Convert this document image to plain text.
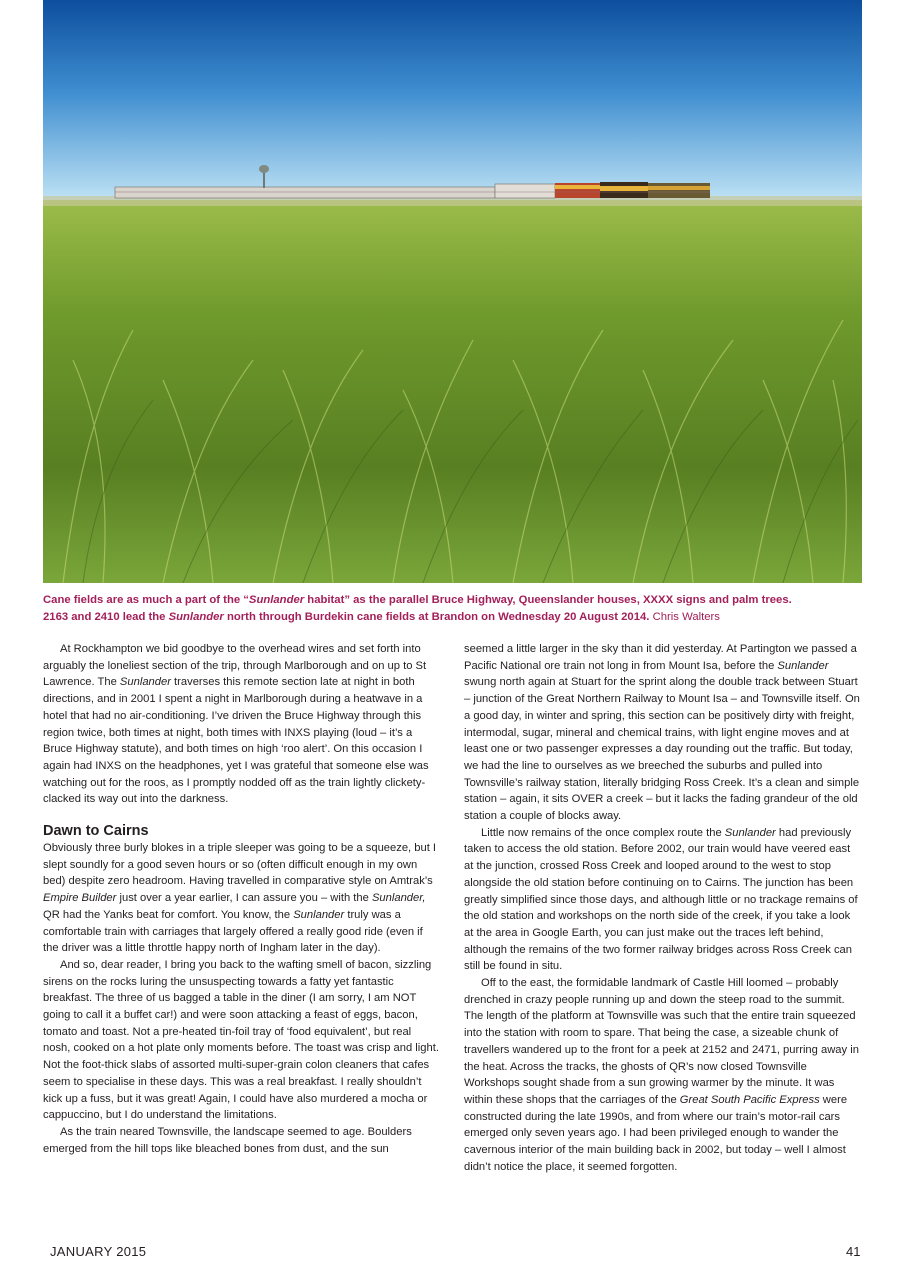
Cane fields are as much a part of the “Sunlander habitat” as the parallel Bruce Highway, Queenslander houses, XXXX signs and palm trees.
2163 and 2410 lead the Sunlander north through Burdekin cane fields at Brandon on Wednesday 20 August 2014. Chris Walters

At Rockhampton we bid goodbye to the overhead wires and set forth into arguably the loneliest section of the trip, through Marlborough and on up to St Lawrence. The Sunlander traverses this remote section late at night in both directions, and in 2001 I spent a night in Marlborough during a heatwave in a hotel that had no air-conditioning. I’ve driven the Bruce Highway through this region twice, both times at night, both times with INXS playing (loud – it’s a Bruce Highway statute), and both times on high ‘roo alert’. On this occasion I again had INXS on the headphones, yet I was grateful that someone else was watching out for the roos, as I promptly nodded off as the train lightly clickety-clacked its way out into the darkness.

Dawn to Cairns

Obviously three burly blokes in a triple sleeper was going to be a squeeze, but I slept soundly for a good seven hours or so (often difficult enough in my own bed) despite zero headroom. Having travelled in comparative style on Amtrak’s Empire Builder just over a year earlier, I can assure you – with the Sunlander, QR had the Yanks beat for comfort. You know, the Sunlander truly was a comfortable train with carriages that largely offered a really good ride (even if the driver was a little throttle happy north of Ingham later in the day).

And so, dear reader, I bring you back to the wafting smell of bacon, sizzling sirens on the rocks luring the unsuspecting towards a fatty yet fantastic breakfast. The three of us bagged a table in the diner (I am sorry, I am NOT going to call it a buffet car!) and were soon attacking a feast of eggs, bacon, tomato and toast. Not a pre-heated tin-foil tray of ‘food equivalent’, but real nosh, cooked on a hot plate only moments before. The toast was crisp and light. Not the foot-thick slabs of assorted multi-super-grain colon cleaners that cafes seem to specialise in these days. This was a real breakfast. I really shouldn’t kick up a fuss, but it was great! Again, I could have also murdered a mocha or cappuccino, but I do understand the limitations.

As the train neared Townsville, the landscape seemed to age. Boulders emerged from the hill tops like bleached bones from dust, and the sun

seemed a little larger in the sky than it did yesterday. At Partington we passed a Pacific National ore train not long in from Mount Isa, before the Sunlander swung north again at Stuart for the sprint along the double track between Stuart – junction of the Great Northern Railway to Mount Isa – and Townsville itself. On a good day, in winter and spring, this section can be positively dirty with freight, intermodal, sugar, mineral and chemical trains, with light engine moves and at least one or two passenger expresses a day rounding out the traffic. But today, we had the line to ourselves as we breeched the suburbs and pulled into Townsville’s railway station, literally bridging Ross Creek. It’s a clean and simple station – again, it sits OVER a creek – but it lacks the fading grandeur of the old station a couple of blocks away.

Little now remains of the once complex route the Sunlander had previously taken to access the old station. Before 2002, our train would have veered east at the junction, crossed Ross Creek and looped around to the west to stop alongside the old station before continuing on to Cairns. The junction has been greatly simplified since those days, and although little or no trackage remains of the old station and workshops on the north side of the creek, if you take a look at the area in Google Earth, you can just make out the traces left behind, although the remains of the two former railway bridges across Ross Creek can still be found in situ.

Off to the east, the formidable landmark of Castle Hill loomed – probably drenched in crazy people running up and down the steep road to the summit. The length of the platform at Townsville was such that the entire train squeezed into the station with room to spare. That being the case, a sizeable chunk of travellers wandered up to the front for a peek at 2152 and 2471, purring away in the heat. Across the tracks, the ghosts of QR’s now closed Townsville Workshops sought shade from a sun growing warmer by the minute. It was within these shops that the carriages of the Great South Pacific Express were constructed during the late 1990s, and from where our train’s motor-rail cars emerged only seven years ago. I had been privileged enough to wander the cavernous interior of the main building back in 2002, but today – well I almost didn’t notice the place, it seemed forgotten.

JANUARY 2015	41
